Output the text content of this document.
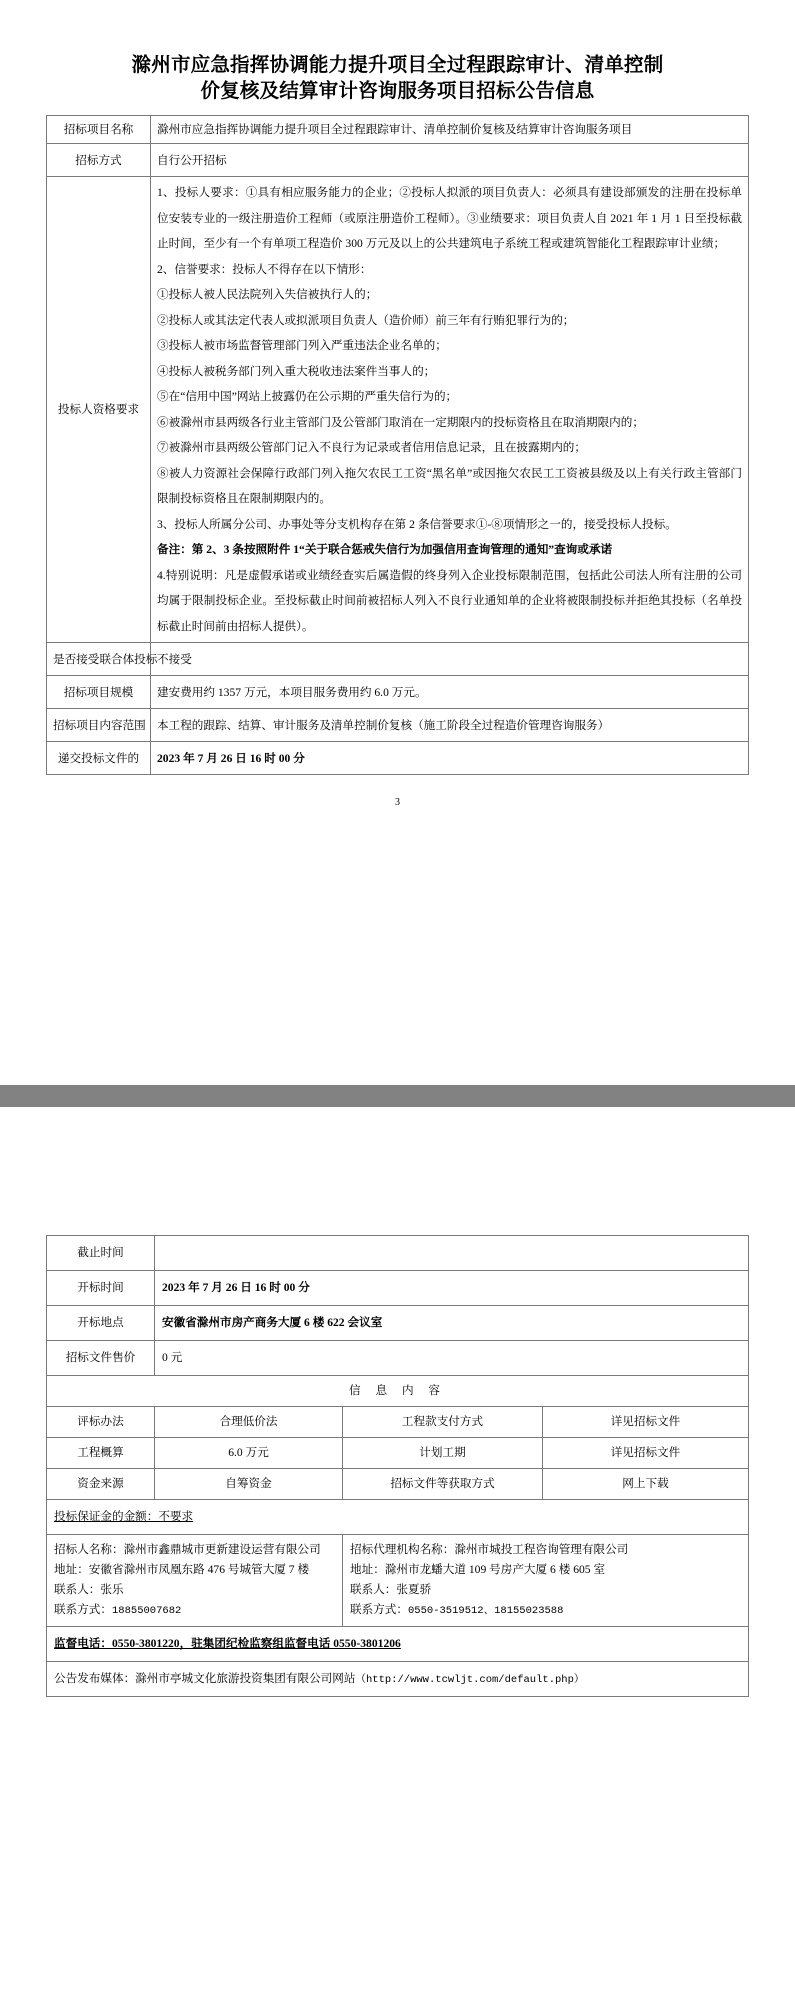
滁州市应急指挥协调能力提升项目全过程跟踪审计、清单控制
价复核及结算审计咨询服务项目招标公告信息
招标项目名称	滁州市应急指挥协调能力提升项目全过程跟踪审计、清单控制价复核及结算审计咨询服务项目
招标方式	自行公开招标
投标人资格要求	
1、投标人要求：①具有相应服务能力的企业；②投标人拟派的项目负责人：必须具有建设部颁发的注册在投标单位安装专业的一级注册造价工程师（或原注册造价工程师）。③业绩要求：项目负责人自 2021 年 1 月 1 日至投标截止时间，至少有一个有单项工程造价 300 万元及以上的公共建筑电子系统工程或建筑智能化工程跟踪审计业绩；
2、信誉要求：投标人不得存在以下情形：
①投标人被人民法院列入失信被执行人的；
②投标人或其法定代表人或拟派项目负责人（造价师）前三年有行贿犯罪行为的；
③投标人被市场监督管理部门列入严重违法企业名单的；
④投标人被税务部门列入重大税收违法案件当事人的；
⑤在“信用中国”网站上披露仍在公示期的严重失信行为的；
⑥被滁州市县两级各行业主管部门及公管部门取消在一定期限内的投标资格且在取消期限内的；
⑦被滁州市县两级公管部门记入不良行为记录或者信用信息记录，且在披露期内的；
⑧被人力资源社会保障行政部门列入拖欠农民工工资“黑名单”或因拖欠农民工工资被县级及以上有关行政主管部门限制投标资格且在限制期限内的。
3、投标人所属分公司、办事处等分支机构存在第 2 条信誉要求①-⑧项情形之一的，接受投标人投标。
备注：第 2、3 条按照附件 1“关于联合惩戒失信行为加强信用查询管理的通知”查询或承诺
4.特别说明：凡是虚假承诺或业绩经查实后属造假的终身列入企业投标限制范围，包括此公司法人所有注册的公司均属于限制投标企业。至投标截止时间前被招标人列入不良行业通知单的企业将被限制投标并拒绝其投标（名单投标截止时间前由招标人提供）。

是否接受联合体投标	不接受
招标项目规模	建安费用约 1357 万元，本项目服务费用约 6.0 万元。
招标项目内容范围	本工程的跟踪、结算、审计服务及清单控制价复核（施工阶段全过程造价管理咨询服务）
递交投标文件的	2023 年 7 月 26 日 16 时 00 分
3
截止时间			
开标时间	2023 年 7 月 26 日 16 时 00 分		
开标地点	安徽省滁州市房产商务大厦 6 楼 622 会议室		
招标文件售价	0 元		
信 息 内 容			
评标办法	合理低价法	工程款支付方式	详见招标文件
工程概算	6.0 万元	计划工期	详见招标文件
资金来源	自筹资金	招标文件等获取方式	网上下载
投标保证金的金额：不要求			

招标人名称：滁州市鑫鼎城市更新建设运营有限公司
地址：安徽省滁州市凤凰东路 476 号城管大厦 7 楼
联系人：张乐
联系方式：18855007682

招标代理机构名称：滁州市城投工程咨询管理有限公司
地址：滁州市龙蟠大道 109 号房产大厦 6 楼 605 室
联系人：张夏骄
联系方式：0550-3519512、18155023588

监督电话：0550-3801220，驻集团纪检监察组监督电话 0550-3801206			
公告发布媒体：滁州市亭城文化旅游投资集团有限公司网站（http://www.tcwljt.com/default.php）			
